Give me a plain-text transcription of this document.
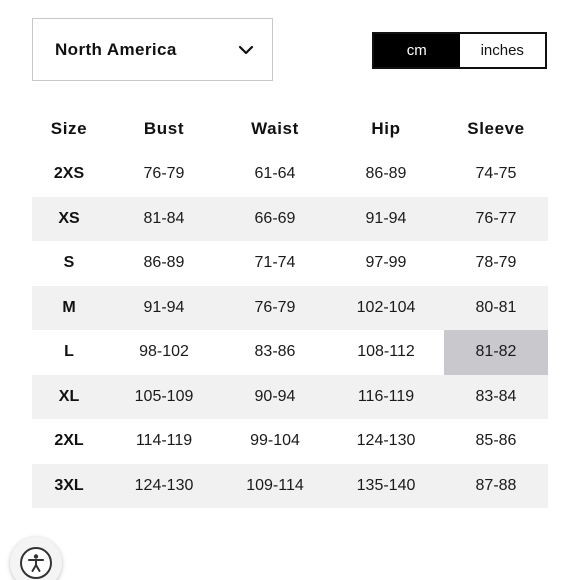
North America	cm	inches
Size	Bust	Waist	Hip	Sleeve
2XS	76-79	61-64	86-89	74-75
XS	81-84	66-69	91-94	76-77
S	86-89	71-74	97-99	78-79
M	91-94	76-79	102-104	80-81
L	98-102	83-86	108-112	81-82
XL	105-109	90-94	116-119	83-84
2XL	114-119	99-104	124-130	85-86
3XL	124-130	109-114	135-140	87-88
